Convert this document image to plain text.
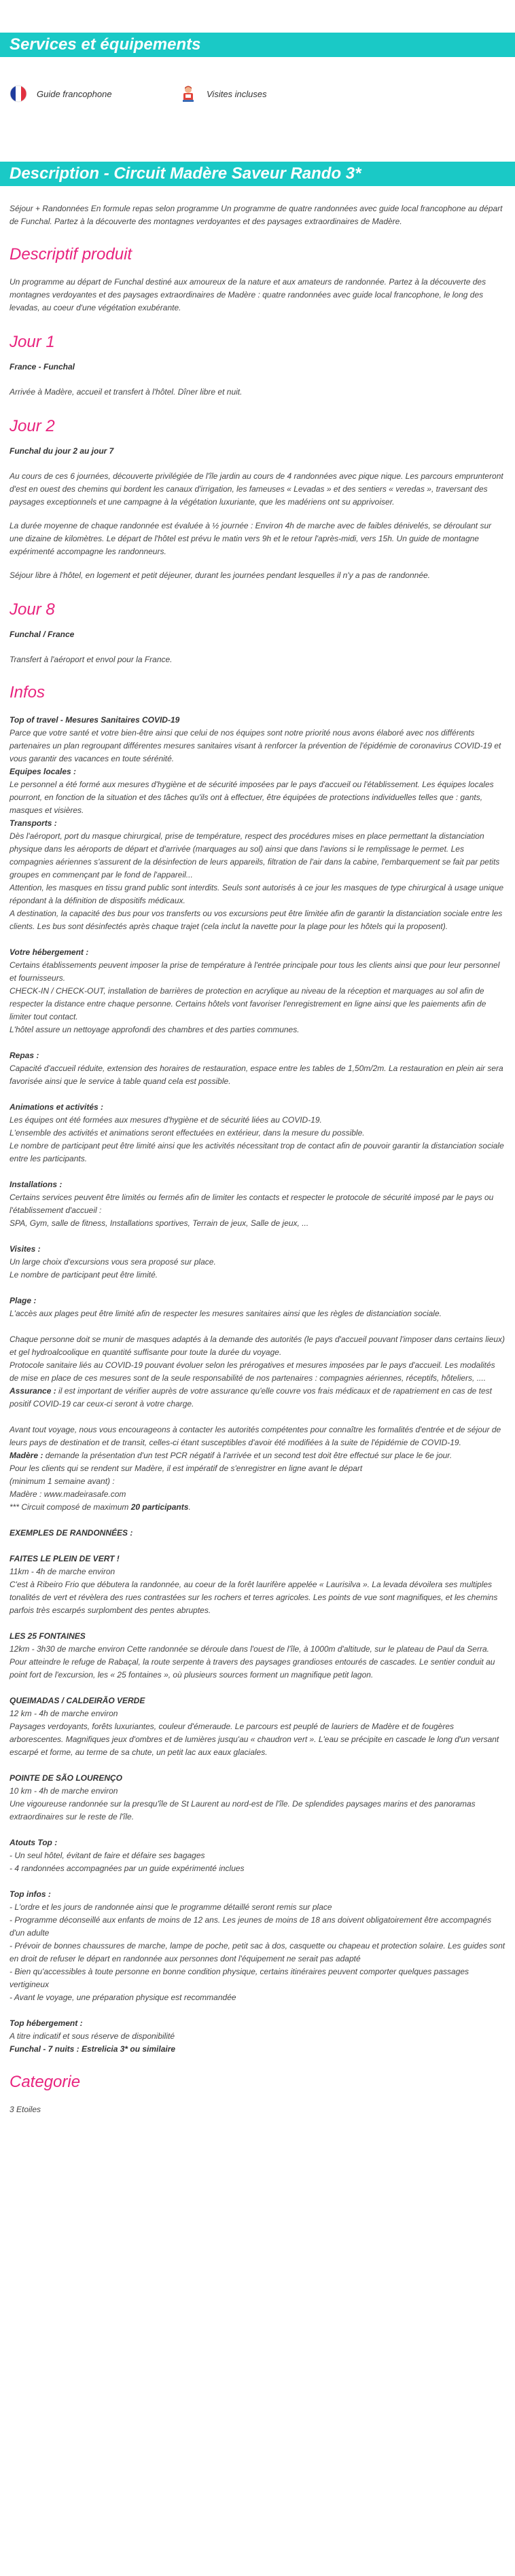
Services et équipements
Guide francophone	Visites incluses
Description - Circuit Madère Saveur Rando 3*

Séjour + Randonnées En formule repas selon programme Un programme de quatre randonnées avec guide local francophone au départ de Funchal. Partez à la découverte des montagnes verdoyantes et des paysages extraordinaires de Madère.

Descriptif produit

Un programme au départ de Funchal destiné aux amoureux de la nature et aux amateurs de randonnée. Partez à la découverte des montagnes verdoyantes et des paysages extraordinaires de Madère : quatre randonnées avec guide local francophone, le long des levadas, au coeur d'une végétation exubérante.

Jour 1
France - Funchal

Arrivée à Madère, accueil et transfert à l'hôtel. Dîner libre et nuit.

Jour 2
Funchal du jour 2 au jour 7

Au cours de ces 6 journées, découverte privilégiée de l'île jardin au cours de 4 randonnées avec pique nique. Les parcours emprunteront d'est en ouest des chemins qui bordent les canaux d'irrigation, les fameuses « Levadas » et des sentiers « veredas », traversant des paysages exceptionnels et une campagne à la végétation luxuriante, que les madériens ont su apprivoiser.

La durée moyenne de chaque randonnée est évaluée à ½ journée : Environ 4h de marche avec de faibles dénivelés, se déroulant sur une dizaine de kilomètres. Le départ de l'hôtel est prévu le matin vers 9h et le retour l'après-midi, vers 15h. Un guide de montagne
expérimenté accompagne les randonneurs.

Séjour libre à l'hôtel, en logement et petit déjeuner, durant les journées pendant lesquelles il n'y a pas de randonnée.

Jour 8
Funchal / France

Transfert à l'aéroport et envol pour la France.

Infos
Top of travel - Mesures Sanitaires COVID-19
Parce que votre santé et votre bien-être ainsi que celui de nos équipes sont notre priorité nous avons élaboré avec nos différents partenaires un plan regroupant différentes mesures sanitaires visant à renforcer la prévention de l'épidémie de coronavirus COVID-19 et vous garantir des vacances en toute sérénité.
Equipes locales :
Le personnel a été formé aux mesures d'hygiène et de sécurité imposées par le pays d'accueil ou l'établissement. Les équipes locales pourront, en fonction de la situation et des tâches qu'ils ont à effectuer, être équipées de protections individuelles telles que : gants, masques et visières.
Transports :
Dès l'aéroport, port du masque chirurgical, prise de température, respect des procédures mises en place permettant la distanciation physique dans les aéroports de départ et d'arrivée (marquages au sol) ainsi que dans l'avions si le remplissage le permet. Les compagnies aériennes s'assurent de la désinfection de leurs appareils, filtration de l'air dans la cabine, l'embarquement se fait par petits groupes en commençant par le fond de l'appareil...
Attention, les masques en tissu grand public sont interdits. Seuls sont autorisés à ce jour les masques de type chirurgical à usage unique répondant à la définition de dispositifs médicaux.
A destination, la capacité des bus pour vos transferts ou vos excursions peut être limitée afin de garantir la distanciation sociale entre les clients. Les bus sont désinfectés après chaque trajet (cela inclut la navette pour la plage pour les hôtels qui la proposent).
Votre hébergement :
Certains établissements peuvent imposer la prise de température à l'entrée principale pour tous les clients ainsi que pour leur personnel et fournisseurs.
CHECK-IN / CHECK-OUT, installation de barrières de protection en acrylique au niveau de la réception et marquages au sol afin de respecter la distance entre chaque personne. Certains hôtels vont favoriser l'enregistrement en ligne ainsi que les paiements afin de limiter tout contact.
L'hôtel assure un nettoyage approfondi des chambres et des parties communes.
Repas :
Capacité d'accueil réduite, extension des horaires de restauration, espace entre les tables de 1,50m/2m. La restauration en plein air sera favorisée ainsi que le service à table quand cela est possible.
Animations et activités :
Les équipes ont été formées aux mesures d'hygiène et de sécurité liées au COVID-19.
L'ensemble des activités et animations seront effectuées en extérieur, dans la mesure du possible.
Le nombre de participant peut être limité ainsi que les activités nécessitant trop de contact afin de pouvoir garantir la distanciation sociale entre les participants.
Installations :
Certains services peuvent être limités ou fermés afin de limiter les contacts et respecter le protocole de sécurité imposé par le pays ou l'établissement d'accueil :
SPA, Gym, salle de fitness, Installations sportives, Terrain de jeux, Salle de jeux, ...
Visites :
Un large choix d'excursions vous sera proposé sur place.
Le nombre de participant peut être limité.
Plage :
L'accès aux plages peut être limité afin de respecter les mesures sanitaires ainsi que les règles de distanciation sociale.
Chaque personne doit se munir de masques adaptés à la demande des autorités (le pays d'accueil pouvant l'imposer dans certains lieux) et gel hydroalcoolique en quantité suffisante pour toute la durée du voyage.
Protocole sanitaire liés au COVID-19 pouvant évoluer selon les prérogatives et mesures imposées par le pays d'accueil. Les modalités de mise en place de ces mesures sont de la seule responsabilité de nos partenaires : compagnies aériennes, réceptifs, hôteliers, ....
Assurance : il est important de vérifier auprès de votre assurance qu'elle couvre vos frais médicaux et de rapatriement en cas de test positif COVID-19 car ceux-ci seront à votre charge.
Avant tout voyage, nous vous encourageons à contacter les autorités compétentes pour connaître les formalités d'entrée et de séjour de leurs pays de destination et de transit, celles-ci étant susceptibles d'avoir été modifiées à la suite de l'épidémie de COVID-19.
Madère : demande la présentation d'un test PCR négatif à l'arrivée et un second test doit être effectué sur place le 6e jour.
Pour les clients qui se rendent sur Madère, il est impératif de s'enregistrer en ligne avant le départ
(minimum 1 semaine avant) :
Madère : www.madeirasafe.com
*** Circuit composé de maximum 20 participants.
EXEMPLES DE RANDONNÉES :
FAITES LE PLEIN DE VERT !
11km - 4h de marche environ
C'est à Ribeiro Frio que débutera la randonnée, au coeur de la forêt laurifère appelée « Laurisilva ». La levada dévoilera ses multiples tonalités de vert et révèlera des rues contrastées sur les rochers et terres agricoles. Les points de vue sont magnifiques, et les chemins parfois très escarpés surplombent des pentes abruptes.
LES 25 FONTAINES
12km - 3h30 de marche environ Cette randonnée se déroule dans l'ouest de l'île, à 1000m d'altitude, sur le plateau de Paul da Serra. Pour atteindre le refuge de Rabaçal, la route serpente à travers des paysages grandioses entourés de cascades. Le sentier conduit au point fort de l'excursion, les « 25 fontaines », où plusieurs sources forment un magnifique petit lagon.
QUEIMADAS / CALDEIRÃO VERDE
12 km - 4h de marche environ
Paysages verdoyants, forêts luxuriantes, couleur d'émeraude. Le parcours est peuplé de lauriers de Madère et de fougères arborescentes. Magnifiques jeux d'ombres et de lumières jusqu'au « chaudron vert ». L'eau se précipite en cascade le long d'un versant escarpé et forme, au terme de sa chute, un petit lac aux eaux glaciales.
POINTE DE SÃO LOURENÇO
10 km - 4h de marche environ
Une vigoureuse randonnée sur la presqu'île de St Laurent au nord-est de l'île. De splendides paysages marins et des panoramas extraordinaires sur le reste de l'île.
Atouts Top :
- Un seul hôtel, évitant de faire et défaire ses bagages
- 4 randonnées accompagnées par un guide expérimenté inclues
Top infos :
- L'ordre et les jours de randonnée ainsi que le programme détaillé seront remis sur place
- Programme déconseillé aux enfants de moins de 12 ans. Les jeunes de moins de 18 ans doivent obligatoirement être accompagnés d'un adulte
- Prévoir de bonnes chaussures de marche, lampe de poche, petit sac à dos, casquette ou chapeau et protection solaire. Les guides sont en droit de refuser le départ en randonnée aux personnes dont l'équipement ne serait pas adapté
- Bien qu'accessibles à toute personne en bonne condition physique, certains itinéraires peuvent comporter quelques passages vertigineux
- Avant le voyage, une préparation physique est recommandée
Top hébergement :
A titre indicatif et sous réserve de disponibilité
Funchal - 7 nuits : Estrelicia 3* ou similaire
Categorie

3 Etoiles
